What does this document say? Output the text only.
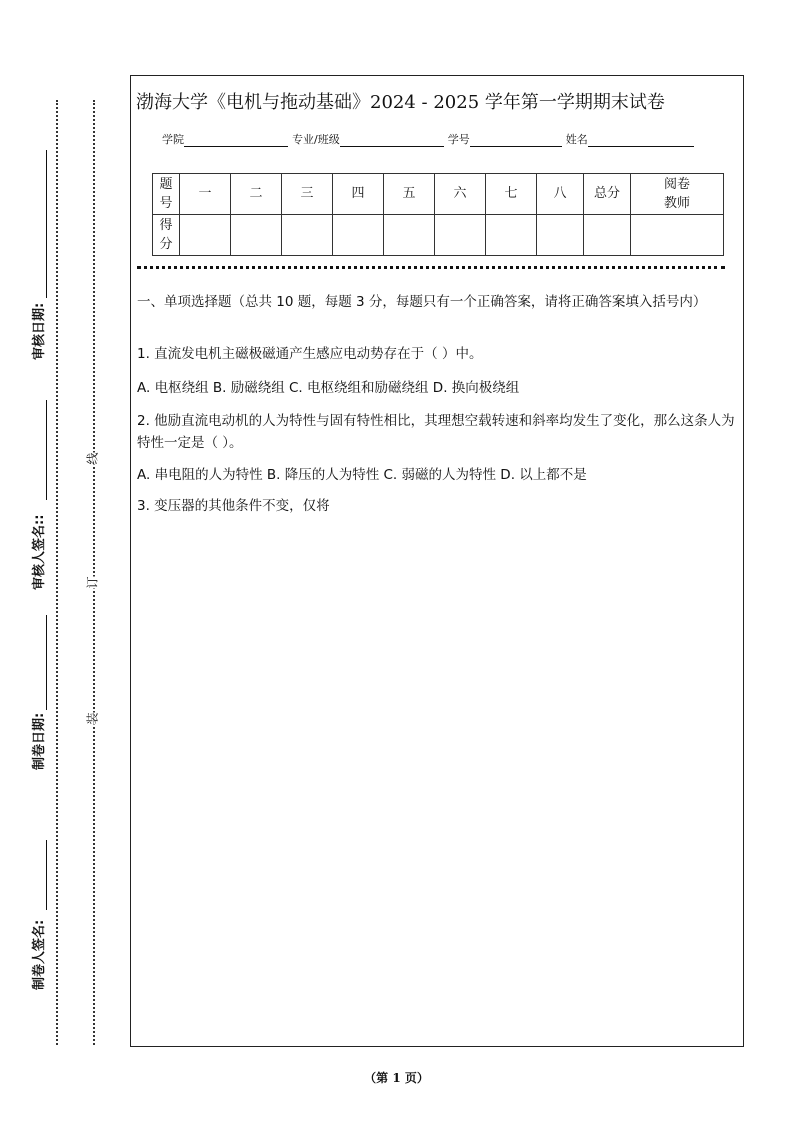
审核日期:
审核人签名::
制卷日期:
制卷人签名:
线
订
装
渤海大学《电机与拖动基础》2024 - 2025 学年第一学期期末试卷
学院	专业/班级	学号	姓名
题号	一	二	三	四	五	六	七	八	总分	阅卷教师
得分										
一、单项选择题（总共 10 题，每题 3 分，每题只有一个正确答案，请将正确答案填入括号内）
1. 直流发电机主磁极磁通产生感应电动势存在于（ ）中。
A. 电枢绕组 B. 励磁绕组 C. 电枢绕组和励磁绕组 D. 换向极绕组
2. 他励直流电动机的人为特性与固有特性相比，其理想空载转速和斜率均发生了变化，那么这条人为特性一定是（ ）。
A. 串电阻的人为特性 B. 降压的人为特性 C. 弱磁的人为特性 D. 以上都不是
3. 变压器的其他条件不变，仅将
（第 1 页）
